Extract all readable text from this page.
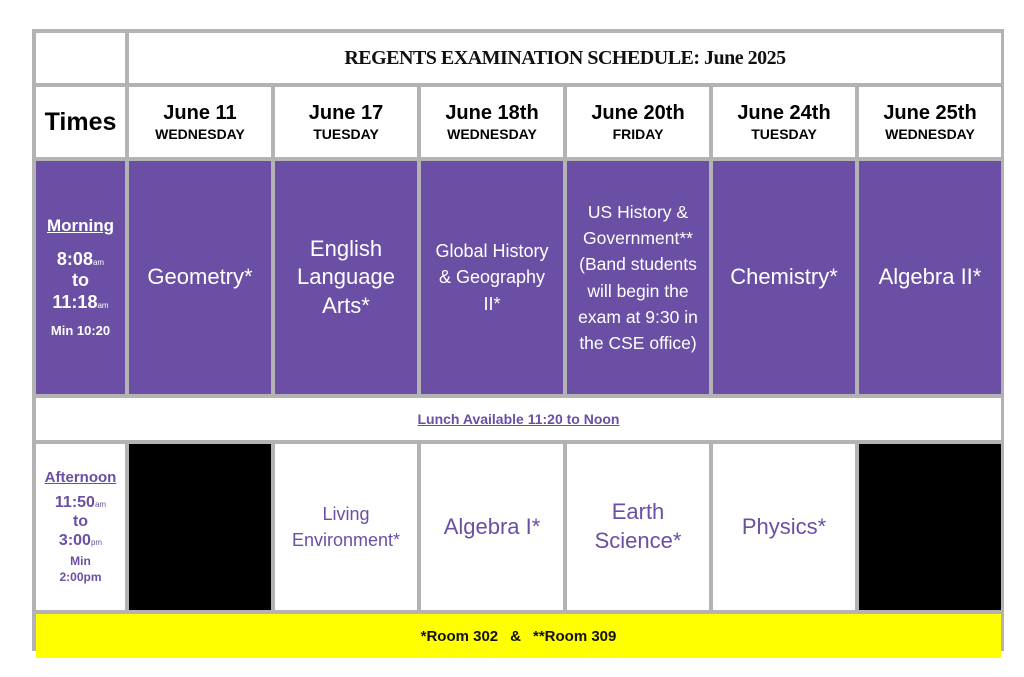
REGENTS EXAMINATION SCHEDULE: June 2025
Times	June 11
WEDNESDAY
June 17
TUESDAY
June 18th
WEDNESDAY
June 20th
FRIDAY
June 24th
TUESDAY
June 25th
WEDNESDAY
Morning
8:08am
to
11:18am
Min 10:20
Geometry*
English Language Arts*
Global History & Geography II*
US History & Government** (Band students will begin the exam at 9:30 in the CSE office)
Chemistry*	Algebra II*
Lunch Available 11:20 to Noon
Afternoon
11:50am
to
3:00pm
Min
2:00pm
Living Environment*
Algebra I*
Earth Science*
Physics*
*Room 302 & **Room 309
